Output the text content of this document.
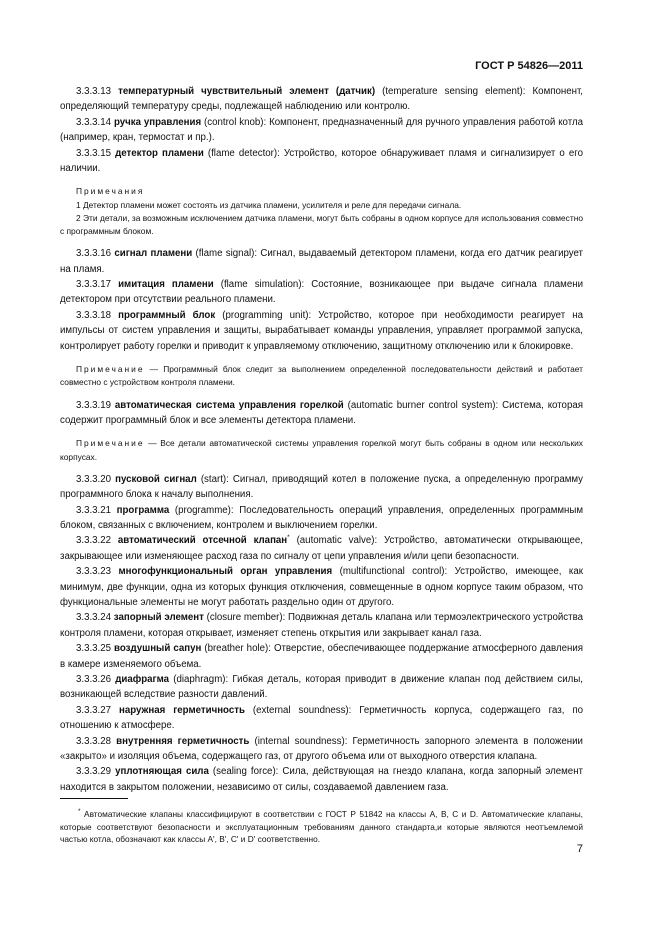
ГОСТ Р 54826—2011

3.3.3.13 температурный чувствительный элемент (датчик) (temperature sensing element): Компонент, определяющий температуру среды, подлежащей наблюдению или контролю.

3.3.3.14 ручка управления (control knob): Компонент, предназначенный для ручного управления работой котла (например, кран, термостат и пр.).

3.3.3.15 детектор пламени (flame detector): Устройство, которое обнаруживает пламя и сигнализирует о его наличии.

Примечания

1 Детектор пламени может состоять из датчика пламени, усилителя и реле для передачи сигнала.

2 Эти детали, за возможным исключением датчика пламени, могут быть собраны в одном корпусе для использования совместно с программным блоком.

3.3.3.16 сигнал пламени (flame signal): Сигнал, выдаваемый детектором пламени, когда его датчик реагирует на пламя.

3.3.3.17 имитация пламени (flame simulation): Состояние, возникающее при выдаче сигнала пламени детектором при отсутствии реального пламени.

3.3.3.18 программный блок (programming unit): Устройство, которое при необходимости реагирует на импульсы от систем управления и защиты, вырабатывает команды управления, управляет программой запуска, контролирует работу горелки и приводит к управляемому отключению, защитному отключению или к блокировке.

Примечание — Программный блок следит за выполнением определенной последовательности действий и работает совместно с устройством контроля пламени.

3.3.3.19 автоматическая система управления горелкой (automatic burner control system): Система, которая содержит программный блок и все элементы детектора пламени.

Примечание — Все детали автоматической системы управления горелкой могут быть собраны в одном или нескольких корпусах.

3.3.3.20 пусковой сигнал (start): Сигнал, приводящий котел в положение пуска, а определенную программу программного блока к началу выполнения.

3.3.3.21 программа (programme): Последовательность операций управления, определенных программным блоком, связанных с включением, контролем и выключением горелки.

3.3.3.22 автоматический отсечной клапан* (automatic valve): Устройство, автоматически открывающее, закрывающее или изменяющее расход газа по сигналу от цепи управления и/или цепи безопасности.

3.3.3.23 многофункциональный орган управления (multifunctional control): Устройство, имеющее, как минимум, две функции, одна из которых функция отключения, совмещенные в одном корпусе таким образом, что функциональные элементы не могут работать раздельно один от другого.

3.3.3.24 запорный элемент (closure member): Подвижная деталь клапана или термоэлектрического устройства контроля пламени, которая открывает, изменяет степень открытия или закрывает канал газа.

3.3.3.25 воздушный сапун (breather hole): Отверстие, обеспечивающее поддержание атмосферного давления в камере изменяемого объема.

3.3.3.26 диафрагма (diaphragm): Гибкая деталь, которая приводит в движение клапан под действием силы, возникающей вследствие разности давлений.

3.3.3.27 наружная герметичность (external soundness): Герметичность корпуса, содержащего газ, по отношению к атмосфере.

3.3.3.28 внутренняя герметичность (internal soundness): Герметичность запорного элемента в положении «закрыто» и изоляция объема, содержащего газ, от другого объема или от выходного отверстия клапана.

3.3.3.29 уплотняющая сила (sealing force): Сила, действующая на гнездо клапана, когда запорный элемент находится в закрытом положении, независимо от силы, создаваемой давлением газа.

* Автоматические клапаны классифицируют в соответствии с ГОСТ Р 51842 на классы A, B, C и D. Автоматические клапаны, которые соответствуют безопасности и эксплуатационным требованиям данного стандарта,и которые являются неотъемлемой частью котла, обозначают как классы A', B', C' и D' соответственно.

7
